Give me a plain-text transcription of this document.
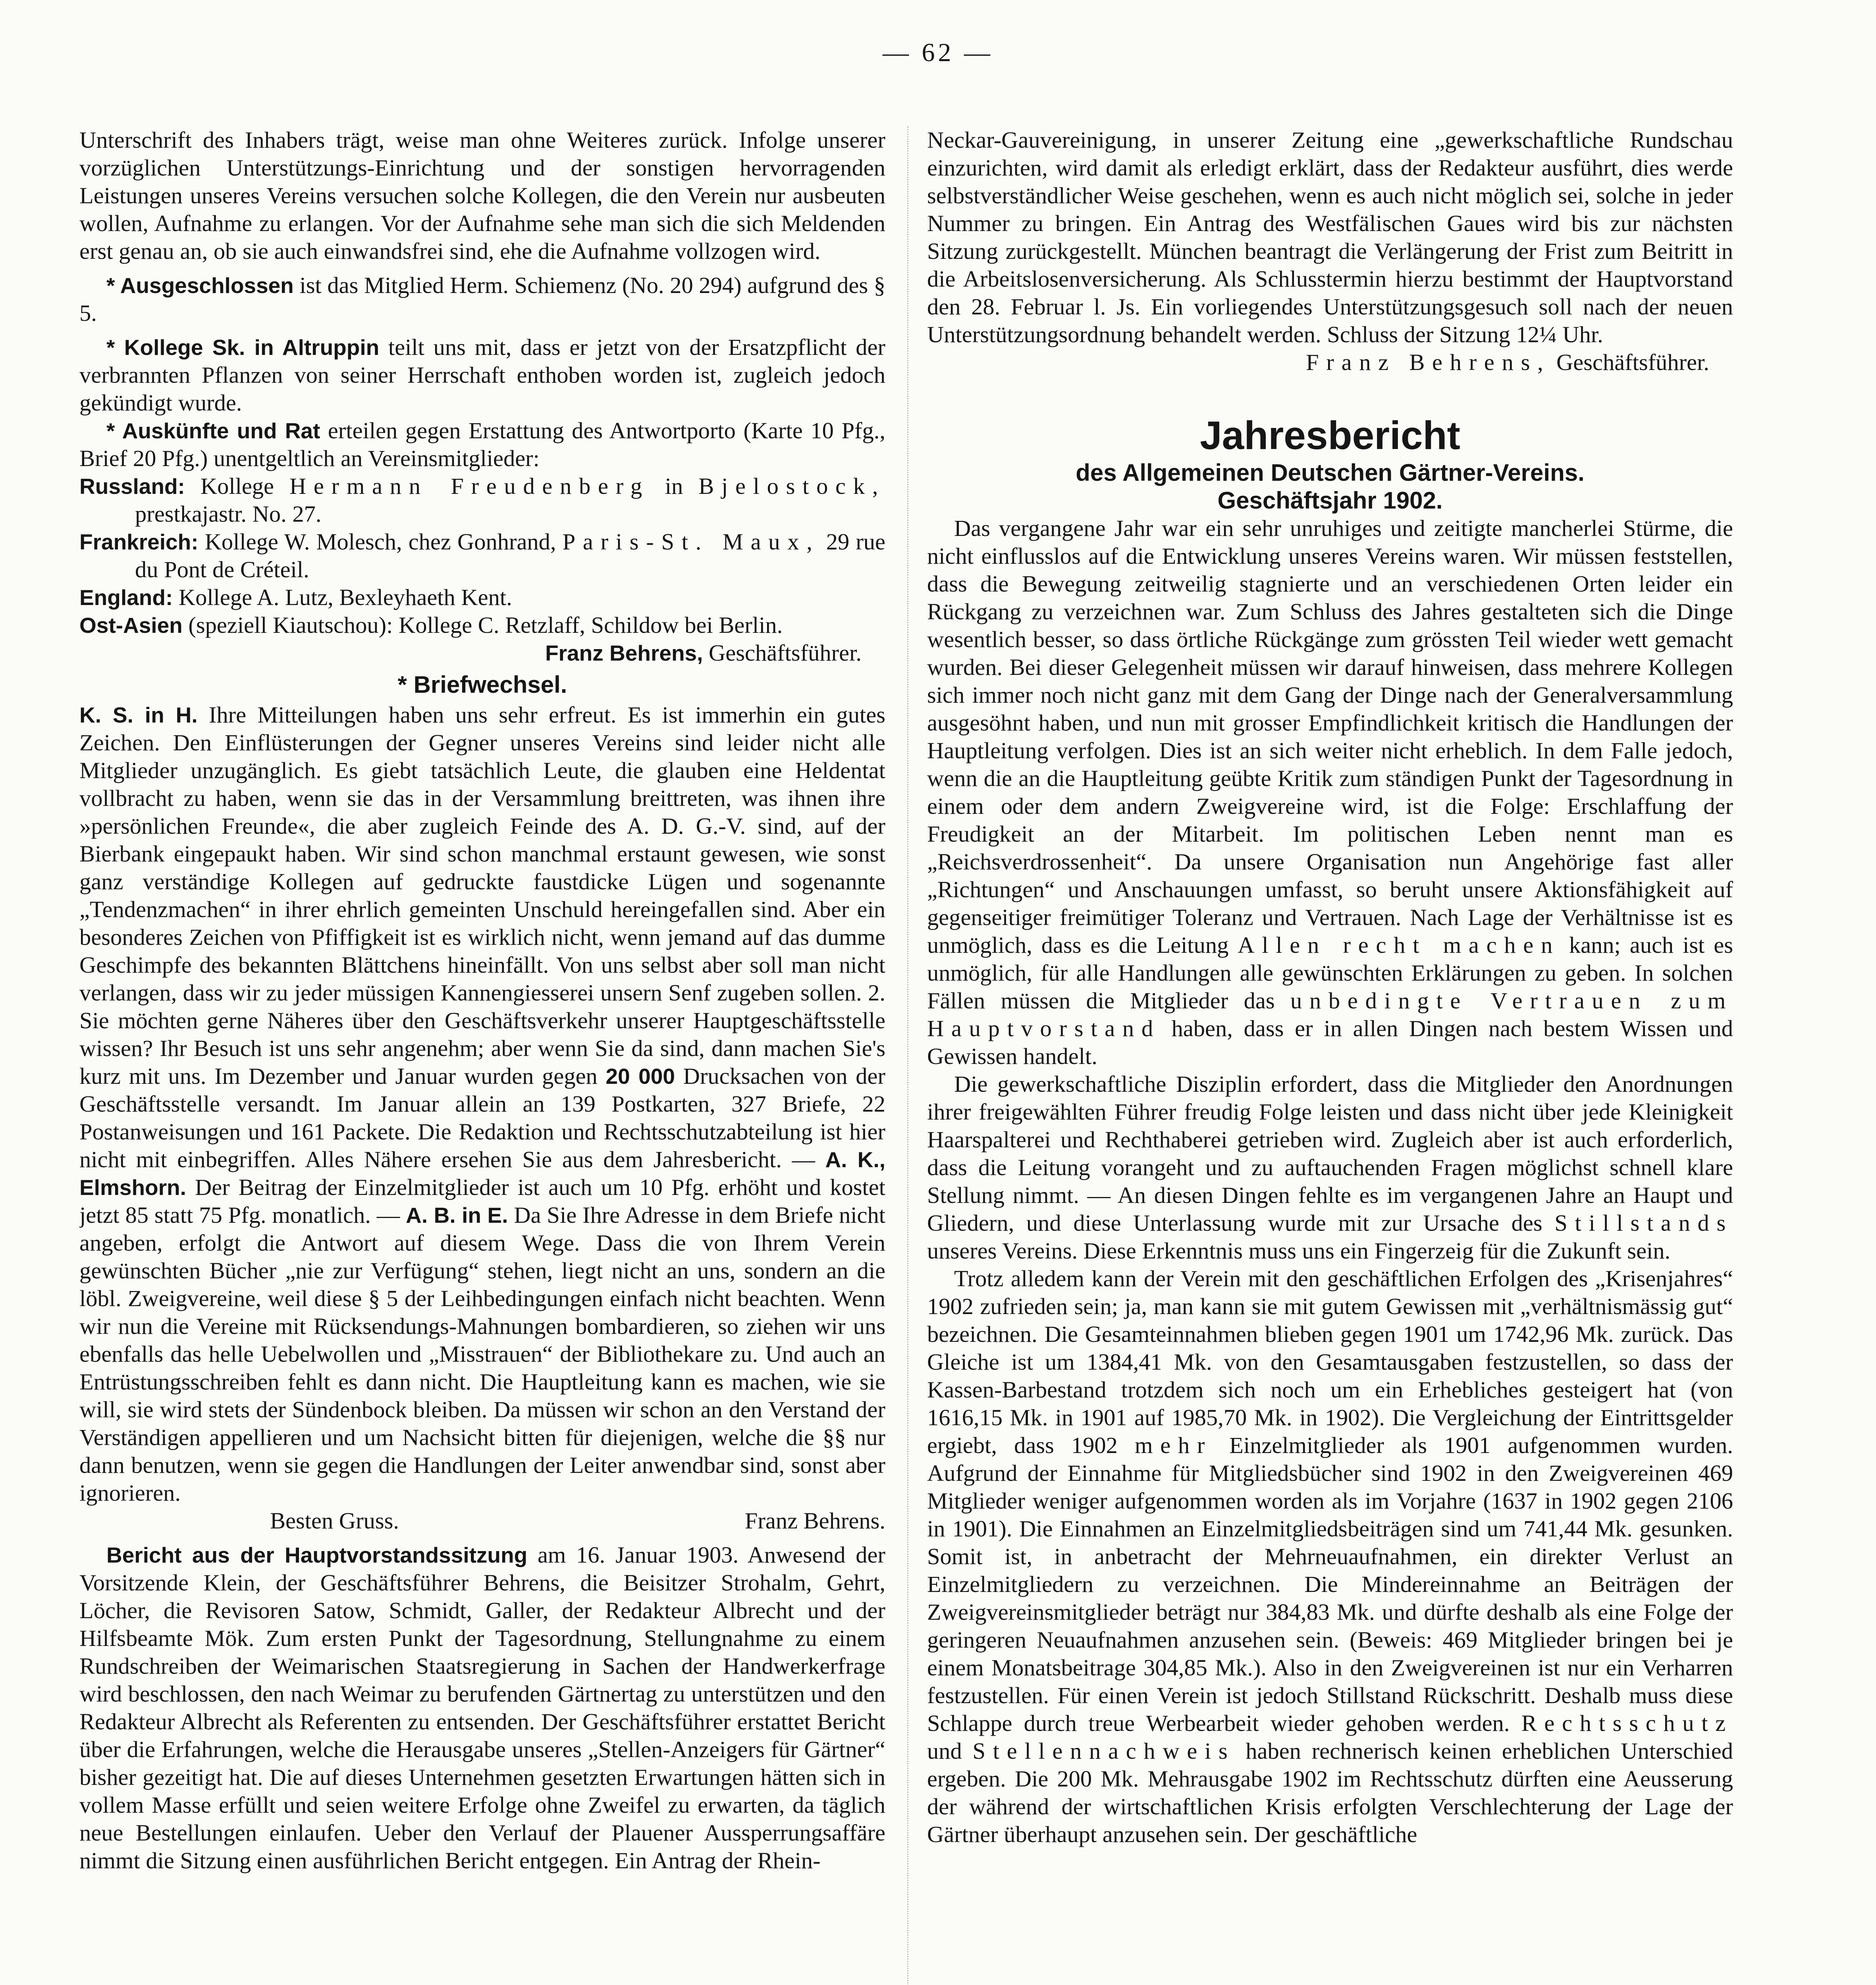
— 62 —

Unterschrift des Inhabers trägt, weise man ohne Weiteres zurück. Infolge unserer vorzüglichen Unterstützungs-Einrichtung und der sonstigen hervorragenden Leistungen unseres Vereins versuchen solche Kollegen, die den Verein nur ausbeuten wollen, Aufnahme zu erlangen. Vor der Aufnahme sehe man sich die sich Meldenden erst genau an, ob sie auch einwandsfrei sind, ehe die Aufnahme vollzogen wird.

* Ausgeschlossen ist das Mitglied Herm. Schiemenz (No. 20 294) aufgrund des § 5.

* Kollege Sk. in Altruppin teilt uns mit, dass er jetzt von der Ersatzpflicht der verbrannten Pflanzen von seiner Herrschaft enthoben worden ist, zugleich jedoch gekündigt wurde.

* Auskünfte und Rat erteilen gegen Erstattung des Antwortporto (Karte 10 Pfg., Brief 20 Pfg.) unentgeltlich an Vereinsmitglieder:

Russland: Kollege Hermann Freudenberg in Bjelostock, prestkajastr. No. 27.

Frankreich: Kollege W. Molesch, chez Gonhrand, Paris-St. Maux, 29 rue du Pont de Créteil.

England: Kollege A. Lutz, Bexleyhaeth Kent.

Ost-Asien (speziell Kiautschou): Kollege C. Retzlaff, Schildow bei Berlin.

Franz Behrens, Geschäftsführer.

* Briefwechsel.

K. S. in H. Ihre Mitteilungen haben uns sehr erfreut. Es ist immerhin ein gutes Zeichen. Den Einflüsterungen der Gegner unseres Vereins sind leider nicht alle Mitglieder unzugänglich. Es giebt tatsächlich Leute, die glauben eine Heldentat vollbracht zu haben, wenn sie das in der Versammlung breittreten, was ihnen ihre »persönlichen Freunde«, die aber zugleich Feinde des A. D. G.-V. sind, auf der Bierbank eingepaukt haben. Wir sind schon manchmal erstaunt gewesen, wie sonst ganz verständige Kollegen auf gedruckte faustdicke Lügen und sogenannte „Tendenzmachen“ in ihrer ehrlich gemeinten Unschuld hereingefallen sind. Aber ein besonderes Zeichen von Pfiffigkeit ist es wirklich nicht, wenn jemand auf das dumme Geschimpfe des bekannten Blättchens hineinfällt. Von uns selbst aber soll man nicht verlangen, dass wir zu jeder müssigen Kannengiesserei unsern Senf zugeben sollen. 2. Sie möchten gerne Näheres über den Geschäftsverkehr unserer Hauptgeschäftsstelle wissen? Ihr Besuch ist uns sehr angenehm; aber wenn Sie da sind, dann machen Sie's kurz mit uns. Im Dezember und Januar wurden gegen 20 000 Drucksachen von der Geschäftsstelle versandt. Im Januar allein an 139 Postkarten, 327 Briefe, 22 Postanweisungen und 161 Packete. Die Redaktion und Rechtsschutzabteilung ist hier nicht mit einbegriffen. Alles Nähere ersehen Sie aus dem Jahresbericht. — A. K., Elmshorn. Der Beitrag der Einzelmitglieder ist auch um 10 Pfg. erhöht und kostet jetzt 85 statt 75 Pfg. monatlich. — A. B. in E. Da Sie Ihre Adresse in dem Briefe nicht angeben, erfolgt die Antwort auf diesem Wege. Dass die von Ihrem Verein gewünschten Bücher „nie zur Verfügung“ stehen, liegt nicht an uns, sondern an die löbl. Zweigvereine, weil diese § 5 der Leihbedingungen einfach nicht beachten. Wenn wir nun die Vereine mit Rücksendungs-Mahnungen bombardieren, so ziehen wir uns ebenfalls das helle Uebelwollen und „Misstrauen“ der Bibliothekare zu. Und auch an Entrüstungsschreiben fehlt es dann nicht. Die Hauptleitung kann es machen, wie sie will, sie wird stets der Sündenbock bleiben. Da müssen wir schon an den Verstand der Verständigen appellieren und um Nachsicht bitten für diejenigen, welche die §§ nur dann benutzen, wenn sie gegen die Handlungen der Leiter anwendbar sind, sonst aber ignorieren.

Besten Gruss.	Franz Behrens.

Bericht aus der Hauptvorstandssitzung am 16. Januar 1903. Anwesend der Vorsitzende Klein, der Geschäftsführer Behrens, die Beisitzer Strohalm, Gehrt, Löcher, die Revisoren Satow, Schmidt, Galler, der Redakteur Albrecht und der Hilfsbeamte Mök. Zum ersten Punkt der Tagesordnung, Stellungnahme zu einem Rundschreiben der Weimarischen Staatsregierung in Sachen der Handwerkerfrage wird beschlossen, den nach Weimar zu berufenden Gärtnertag zu unterstützen und den Redakteur Albrecht als Referenten zu entsenden. Der Geschäftsführer erstattet Bericht über die Erfahrungen, welche die Herausgabe unseres „Stellen-Anzeigers für Gärtner“ bisher gezeitigt hat. Die auf dieses Unternehmen gesetzten Erwartungen hätten sich in vollem Masse erfüllt und seien weitere Erfolge ohne Zweifel zu erwarten, da täglich neue Bestellungen einlaufen. Ueber den Verlauf der Plauener Aussperrungsaffäre nimmt die Sitzung einen ausführlichen Bericht entgegen. Ein Antrag der Rhein-

Neckar-Gauvereinigung, in unserer Zeitung eine „gewerkschaftliche Rundschau einzurichten, wird damit als erledigt erklärt, dass der Redakteur ausführt, dies werde selbstverständlicher Weise geschehen, wenn es auch nicht möglich sei, solche in jeder Nummer zu bringen. Ein Antrag des Westfälischen Gaues wird bis zur nächsten Sitzung zurückgestellt. München beantragt die Verlängerung der Frist zum Beitritt in die Arbeitslosenversicherung. Als Schlusstermin hierzu bestimmt der Hauptvorstand den 28. Februar l. Js. Ein vorliegendes Unterstützungsgesuch soll nach der neuen Unterstützungsordnung behandelt werden. Schluss der Sitzung 12¼ Uhr.

Franz Behrens, Geschäftsführer.

Jahresbericht
des Allgemeinen Deutschen Gärtner-Vereins.
Geschäftsjahr 1902.

Das vergangene Jahr war ein sehr unruhiges und zeitigte mancherlei Stürme, die nicht einflusslos auf die Entwicklung unseres Vereins waren. Wir müssen feststellen, dass die Bewegung zeitweilig stagnierte und an verschiedenen Orten leider ein Rückgang zu verzeichnen war. Zum Schluss des Jahres gestalteten sich die Dinge wesentlich besser, so dass örtliche Rückgänge zum grössten Teil wieder wett gemacht wurden. Bei dieser Gelegenheit müssen wir darauf hinweisen, dass mehrere Kollegen sich immer noch nicht ganz mit dem Gang der Dinge nach der Generalversammlung ausgesöhnt haben, und nun mit grosser Empfindlichkeit kritisch die Handlungen der Hauptleitung verfolgen. Dies ist an sich weiter nicht erheblich. In dem Falle jedoch, wenn die an die Hauptleitung geübte Kritik zum ständigen Punkt der Tagesordnung in einem oder dem andern Zweigvereine wird, ist die Folge: Erschlaffung der Freudigkeit an der Mitarbeit. Im politischen Leben nennt man es „Reichsverdrossenheit“. Da unsere Organisation nun Angehörige fast aller „Richtungen“ und Anschauungen umfasst, so beruht unsere Aktionsfähigkeit auf gegenseitiger freimütiger Toleranz und Vertrauen. Nach Lage der Verhältnisse ist es unmöglich, dass es die Leitung Allen recht machen kann; auch ist es unmöglich, für alle Handlungen alle gewünschten Erklärungen zu geben. In solchen Fällen müssen die Mitglieder das unbedingte Vertrauen zum Hauptvorstand haben, dass er in allen Dingen nach bestem Wissen und Gewissen handelt.

Die gewerkschaftliche Disziplin erfordert, dass die Mitglieder den Anordnungen ihrer freigewählten Führer freudig Folge leisten und dass nicht über jede Kleinigkeit Haarspalterei und Rechthaberei getrieben wird. Zugleich aber ist auch erforderlich, dass die Leitung vorangeht und zu auftauchenden Fragen möglichst schnell klare Stellung nimmt. — An diesen Dingen fehlte es im vergangenen Jahre an Haupt und Gliedern, und diese Unterlassung wurde mit zur Ursache des Stillstands unseres Vereins. Diese Erkenntnis muss uns ein Fingerzeig für die Zukunft sein.

Trotz alledem kann der Verein mit den geschäftlichen Erfolgen des „Krisenjahres“ 1902 zufrieden sein; ja, man kann sie mit gutem Gewissen mit „verhältnismässig gut“ bezeichnen. Die Gesamteinnahmen blieben gegen 1901 um 1742,96 Mk. zurück. Das Gleiche ist um 1384,41 Mk. von den Gesamtausgaben festzustellen, so dass der Kassen-Barbestand trotzdem sich noch um ein Erhebliches gesteigert hat (von 1616,15 Mk. in 1901 auf 1985,70 Mk. in 1902). Die Vergleichung der Eintrittsgelder ergiebt, dass 1902 mehr Einzelmitglieder als 1901 aufgenommen wurden. Aufgrund der Einnahme für Mitgliedsbücher sind 1902 in den Zweigvereinen 469 Mitglieder weniger aufgenommen worden als im Vorjahre (1637 in 1902 gegen 2106 in 1901). Die Einnahmen an Einzelmitgliedsbeiträgen sind um 741,44 Mk. gesunken. Somit ist, in anbetracht der Mehrneuaufnahmen, ein direkter Verlust an Einzelmitgliedern zu verzeichnen. Die Mindereinnahme an Beiträgen der Zweigvereinsmitglieder beträgt nur 384,83 Mk. und dürfte deshalb als eine Folge der geringeren Neuaufnahmen anzusehen sein. (Beweis: 469 Mitglieder bringen bei je einem Monatsbeitrage 304,85 Mk.). Also in den Zweigvereinen ist nur ein Verharren festzustellen. Für einen Verein ist jedoch Stillstand Rückschritt. Deshalb muss diese Schlappe durch treue Werbearbeit wieder gehoben werden. Rechtsschutz und Stellennachweis haben rechnerisch keinen erheblichen Unterschied ergeben. Die 200 Mk. Mehrausgabe 1902 im Rechtsschutz dürften eine Aeusserung der während der wirtschaftlichen Krisis erfolgten Verschlechterung der Lage der Gärtner überhaupt anzusehen sein. Der geschäftliche
